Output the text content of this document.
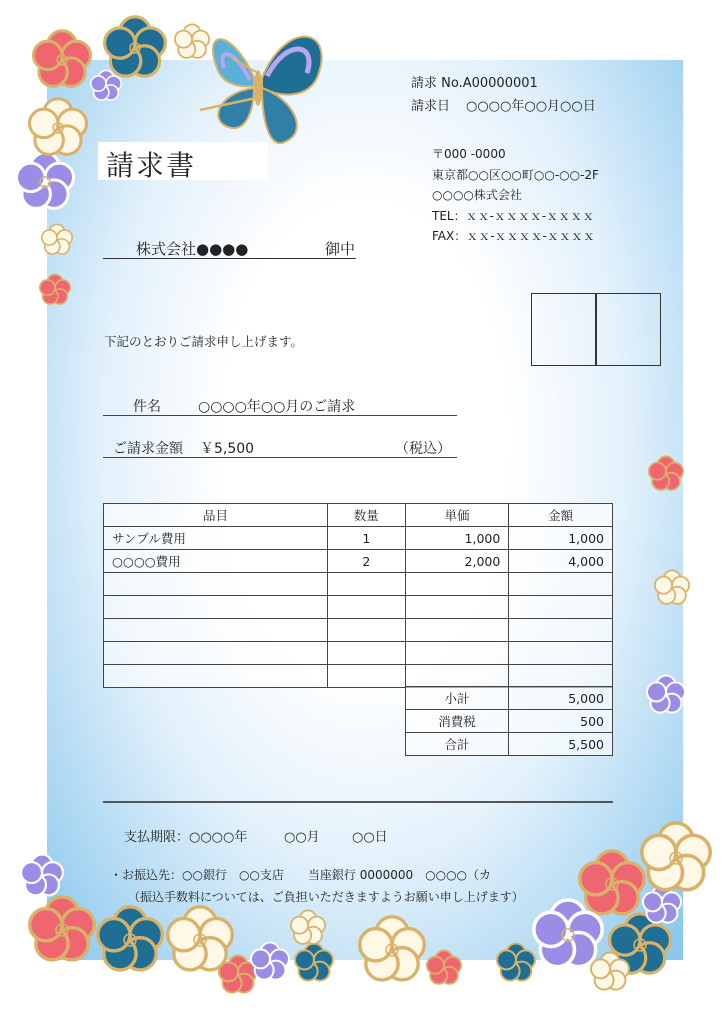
請求書
請求 No.A00000001
請求日 ○○○○年○○月○○日
〒000 -0000
東京都○○区○○町○○-○○-2F
○○○○株式会社
TEL：ｘｘ-ｘｘｘｘ-ｘｘｘｘ
FAX：ｘｘ-ｘｘｘｘ-ｘｘｘｘ
株式会社●●●●	御中
下記のとおりご請求申し上げます。
件名	○○○○年○○月のご請求
ご請求金額 ￥5,500	（税込）
品目	数量	単価	金額
サンプル費用	1	1,000	1,000
○○○○費用	2	2,000	4,000

小計	5,000
消費税	500
合計	5,500
支払期限：○○○○年	○○月 ○○日
・お振込先：○○銀行　○○支店　　当座銀行 0000000　○○○○（カ
（振込手数料については、ご負担いただきますようお願い申し上げます）
